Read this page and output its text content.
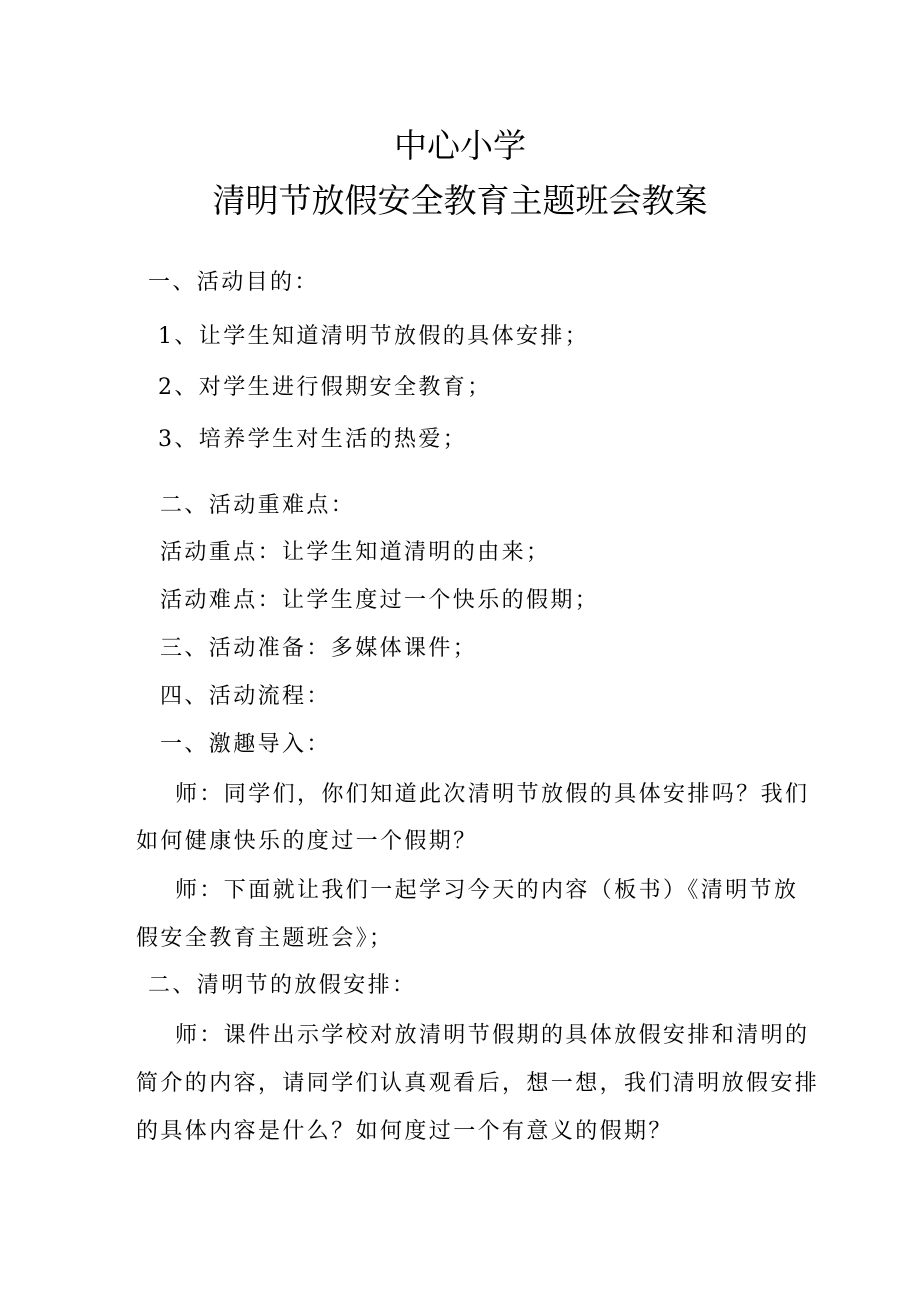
中心小学
清明节放假安全教育主题班会教案
一、活动目的：
1、让学生知道清明节放假的具体安排；
2、对学生进行假期安全教育；
3、培养学生对生活的热爱；
二、活动重难点：
活动重点：让学生知道清明的由来；
活动难点：让学生度过一个快乐的假期；
三、活动准备：多媒体课件；
四、活动流程：
一、激趣导入：
师：同学们，你们知道此次清明节放假的具体安排吗？我们
如何健康快乐的度过一个假期？
师：下面就让我们一起学习今天的内容（板书）《清明节放
假安全教育主题班会》；
二、清明节的放假安排：
师：课件出示学校对放清明节假期的具体放假安排和清明的
简介的内容，请同学们认真观看后，想一想，我们清明放假安排
的具体内容是什么？如何度过一个有意义的假期？
